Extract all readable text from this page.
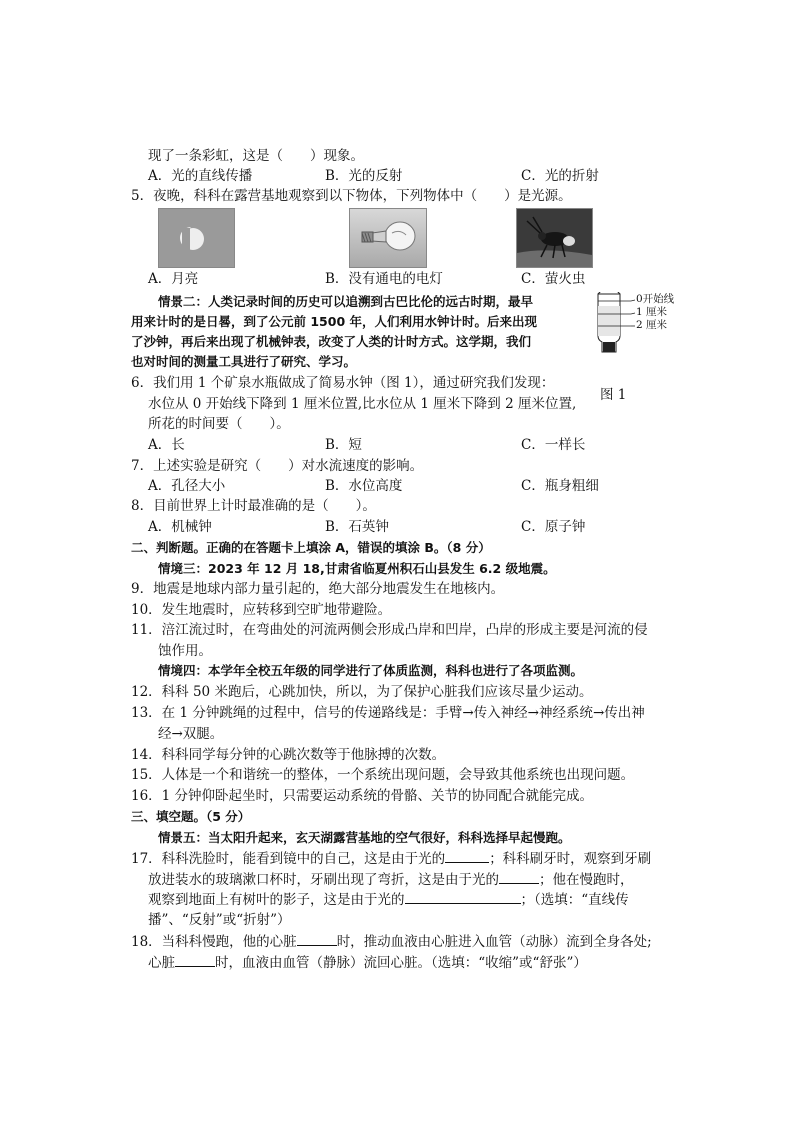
现了一条彩虹，这是（　　）现象。
A．光的直线传播	B．光的反射	C．光的折射
5．夜晚，科科在露营基地观察到以下物体，下列物体中（　　）是光源。
A．月亮	B．没有通电的电灯	C．萤火虫
情景二：人类记录时间的历史可以追溯到古巴比伦的远古时期，最早
用来计时的是日晷，到了公元前 1500 年，人们利用水钟计时。后来出现
了沙钟，再后来出现了机械钟表，改变了人类的计时方式。这学期，我们
也对时间的测量工具进行了研究、学习。
0开始线
1 厘米
2 厘米
图 1
6．我们用 1 个矿泉水瓶做成了简易水钟（图 1），通过研究我们发现：
水位从 0 开始线下降到 1 厘米位置,比水位从 1 厘米下降到 2 厘米位置,
所花的时间要（　　）。
A．长	B．短	C．一样长
7．上述实验是研究（　　）对水流速度的影响。
A．孔径大小	B．水位高度	C．瓶身粗细
8．目前世界上计时最准确的是（　　）。
A．机械钟	B．石英钟	C．原子钟
二、判断题。正确的在答题卡上填涂 A，错误的填涂 B。（8 分）
情境三：2023 年 12 月 18,甘肃省临夏州积石山县发生 6.2 级地震。
9．地震是地球内部力量引起的，绝大部分地震发生在地核内。
10．发生地震时，应转移到空旷地带避险。
11．涪江流过时，在弯曲处的河流两侧会形成凸岸和凹岸，凸岸的形成主要是河流的侵
蚀作用。
情境四：本学年全校五年级的同学进行了体质监测，科科也进行了各项监测。
12．科科 50 米跑后，心跳加快，所以，为了保护心脏我们应该尽量少运动。
13．在 1 分钟跳绳的过程中，信号的传递路线是：手臂→传入神经→神经系统→传出神
经→双腿。
14．科科同学每分钟的心跳次数等于他脉搏的次数。
15．人体是一个和谐统一的整体，一个系统出现问题，会导致其他系统也出现问题。
16．1 分钟仰卧起坐时，只需要运动系统的骨骼、关节的协同配合就能完成。
三、填空题。（5 分）
情景五：当太阳升起来，玄天湖露营基地的空气很好，科科选择早起慢跑。
17．科科洗脸时，能看到镜中的自己，这是由于光的	；科科刷牙时，观察到牙刷
放进装水的玻璃漱口杯时，牙刷出现了弯折，这是由于光的	；他在慢跑时，
观察到地面上有树叶的影子，这是由于光的	；（选填：“直线传
播”、“反射”或“折射”）
18．当科科慢跑，他的心脏	时，推动血液由心脏进入血管（动脉）流到全身各处;
心脏	时，血液由血管（静脉）流回心脏。（选填：“收缩”或“舒张”）
